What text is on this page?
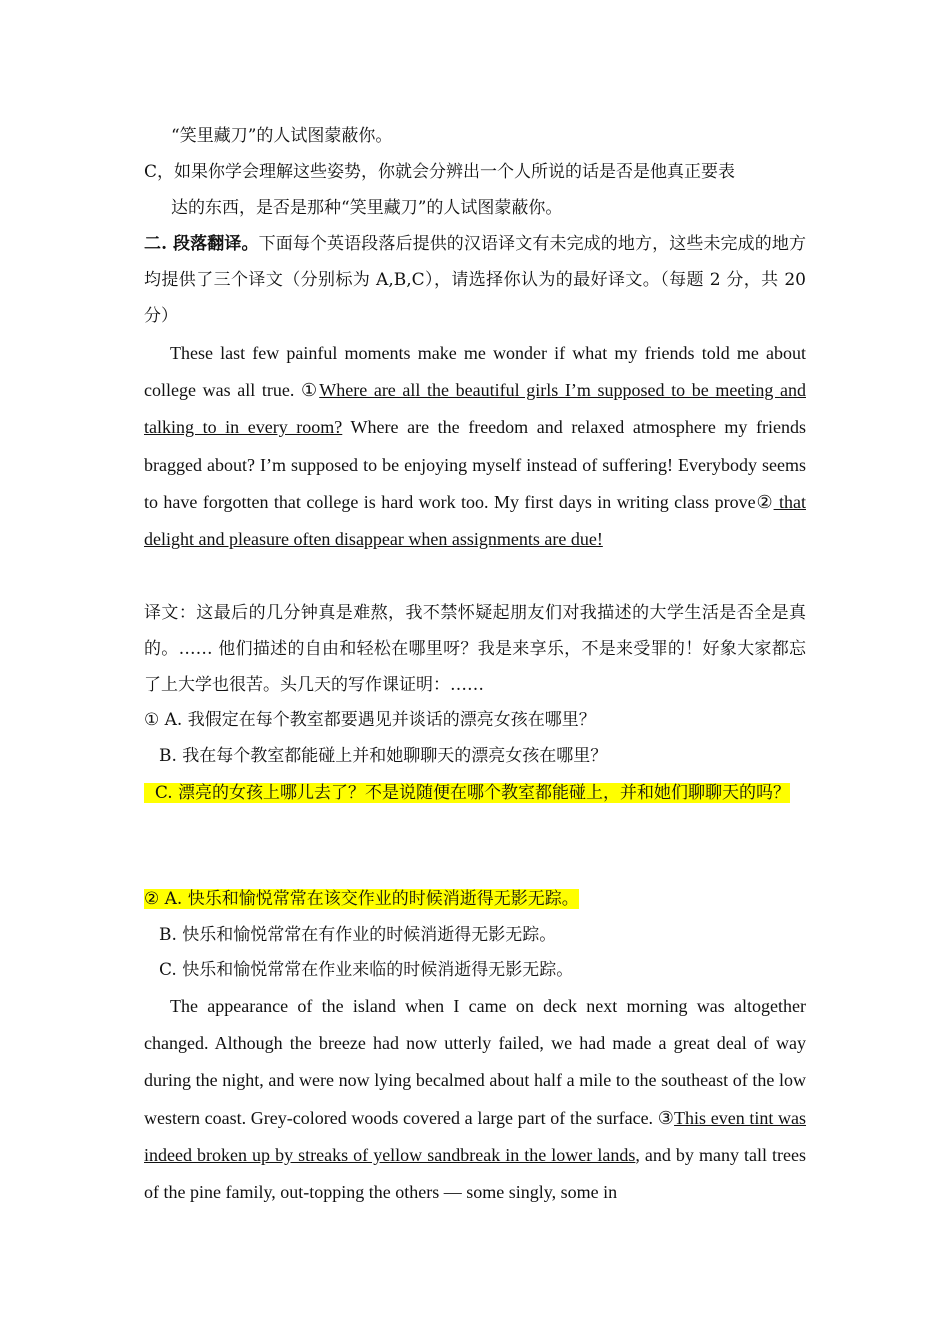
“笑里藏刀”的人试图蒙蔽你。

C，如果你学会理解这些姿势，你就会分辨出一个人所说的话是否是他真正要表

达的东西，是否是那种“笑里藏刀”的人试图蒙蔽你。

二. 段落翻译。下面每个英语段落后提供的汉语译文有未完成的地方，这些未完成的地方均提供了三个译文（分别标为 A,B,C），请选择你认为的最好译文。（每题 2 分，共 20 分）

These last few painful moments make me wonder if what my friends told me about college was all true. ①Where are all the beautiful girls I’m supposed to be meeting and talking to in every room? Where are the freedom and relaxed atmosphere my friends bragged about? I’m supposed to be enjoying myself instead of suffering! Everybody seems to have forgotten that college is hard work too. My first days in writing class prove② that delight and pleasure often disappear when assignments are due!

译文：这最后的几分钟真是难熬，我不禁怀疑起朋友们对我描述的大学生活是否全是真的。…… 他们描述的自由和轻松在哪里呀？我是来享乐，不是来受罪的！好象大家都忘了上大学也很苦。头几天的写作课证明：……

① A. 我假定在每个教室都要遇见并谈话的漂亮女孩在哪里？

B. 我在每个教室都能碰上并和她聊聊天的漂亮女孩在哪里？

C. 漂亮的女孩上哪儿去了？不是说随便在哪个教室都能碰上，并和她们聊聊天的吗？

② A. 快乐和愉悦常常在该交作业的时候消逝得无影无踪。

B. 快乐和愉悦常常在有作业的时候消逝得无影无踪。

C. 快乐和愉悦常常在作业来临的时候消逝得无影无踪。

The appearance of the island when I came on deck next morning was altogether changed. Although the breeze had now utterly failed, we had made a great deal of way during the night, and were now lying becalmed about half a mile to the southeast of the low western coast. Grey-colored woods covered a large part of the surface. ③This even tint was indeed broken up by streaks of yellow sandbreak in the lower lands, and by many tall trees of the pine family, out-topping the others — some singly, some in
